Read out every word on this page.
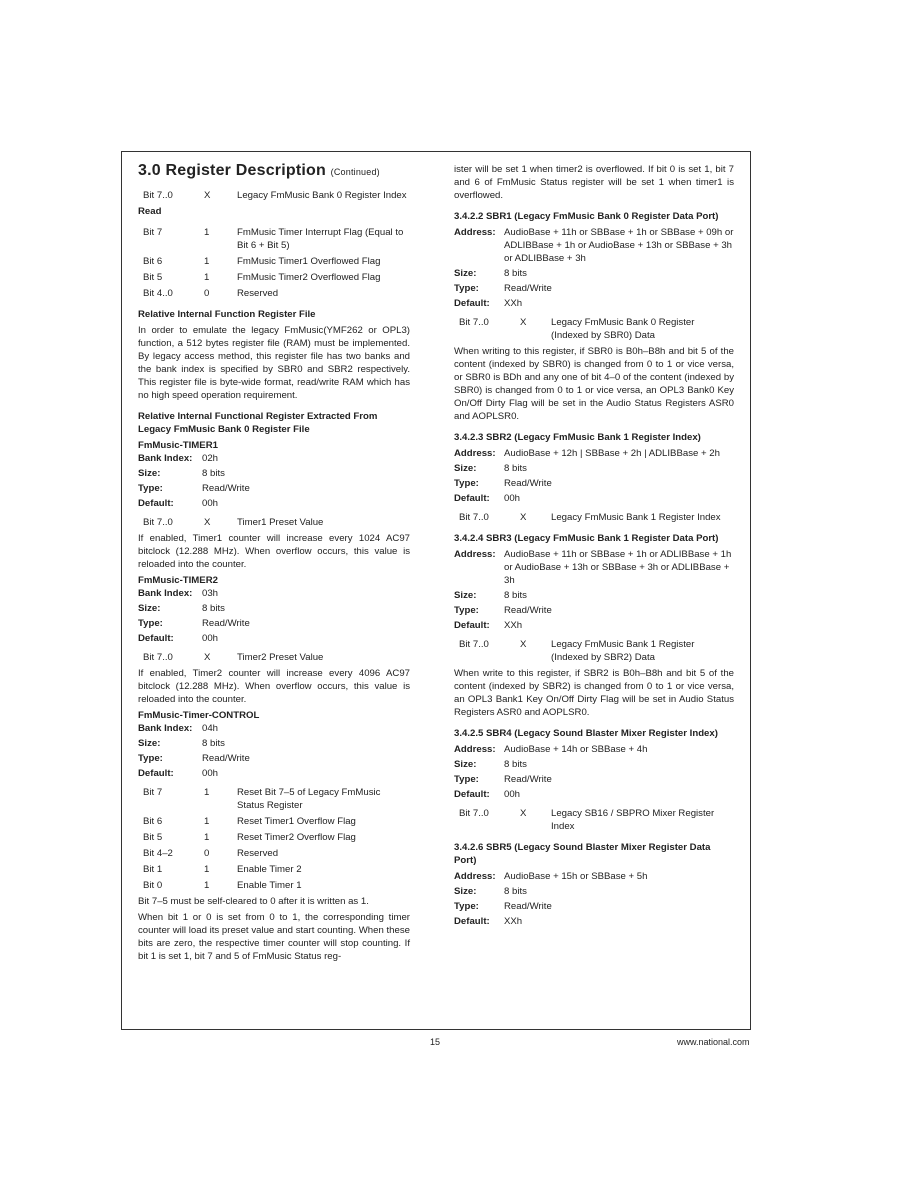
3.0 Register Description (Continued)
Bit 7..0	X	Legacy FmMusic Bank 0 Register Index
Read
Bit 7	1	FmMusic Timer Interrupt Flag (Equal to Bit 6 + Bit 5)
Bit 6	1	FmMusic Timer1 Overflowed Flag
Bit 5	1	FmMusic Timer2 Overflowed Flag
Bit 4..0	0	Reserved
Relative Internal Function Register File

In order to emulate the legacy FmMusic(YMF262 or OPL3) function, a 512 bytes register file (RAM) must be implemented. By legacy access method, this register file has two banks and the bank index is specified by SBR0 and SBR2 respectively. This register file is byte-wide format, read/write RAM which has no high speed operation requirement.

Relative Internal Functional Register Extracted From Legacy FmMusic Bank 0 Register File
FmMusic-TIMER1
Bank Index:	02h
Size:	8 bits
Type:	Read/Write
Default:	00h
Bit 7..0	X	Timer1 Preset Value

If enabled, Timer1 counter will increase every 1024 AC97 bitclock (12.288 MHz). When overflow occurs, this value is reloaded into the counter.

FmMusic-TIMER2
Bank Index:	03h
Size:	8 bits
Type:	Read/Write
Default:	00h
Bit 7..0	X	Timer2 Preset Value

If enabled, Timer2 counter will increase every 4096 AC97 bitclock (12.288 MHz). When overflow occurs, this value is reloaded into the counter.

FmMusic-Timer-CONTROL
Bank Index:	04h
Size:	8 bits
Type:	Read/Write
Default:	00h
Bit 7	1	Reset Bit 7–5 of Legacy FmMusic Status Register
Bit 6	1	Reset Timer1 Overflow Flag
Bit 5	1	Reset Timer2 Overflow Flag
Bit 4–2	0	Reserved
Bit 1	1	Enable Timer 2
Bit 0	1	Enable Timer 1

Bit 7–5 must be self-cleared to 0 after it is written as 1.

When bit 1 or 0 is set from 0 to 1, the corresponding timer counter will load its preset value and start counting. When these bits are zero, the respective timer counter will stop counting. If bit 1 is set 1, bit 7 and 5 of FmMusic Status reg-

ister will be set 1 when timer2 is overflowed. If bit 0 is set 1, bit 7 and 6 of FmMusic Status register will be set 1 when timer1 is overflowed.

3.4.2.2 SBR1 (Legacy FmMusic Bank 0 Register Data Port)
Address: AudioBase + 11h or SBBase + 1h or SBBase + 09h or ADLIBBase + 1h or AudioBase + 13h or SBBase + 3h or ADLIBBase + 3h
Size:	8 bits
Type:	Read/Write
Default:	XXh
Bit 7..0	X	Legacy FmMusic Bank 0 Register (Indexed by SBR0) Data

When writing to this register, if SBR0 is B0h–B8h and bit 5 of the content (indexed by SBR0) is changed from 0 to 1 or vice versa, or SBR0 is BDh and any one of bit 4–0 of the content (indexed by SBR0) is changed from 0 to 1 or vice versa, an OPL3 Bank0 Key On/Off Dirty Flag will be set in the Audio Status Registers ASR0 and AOPLSR0.

3.4.2.3 SBR2 (Legacy FmMusic Bank 1 Register Index)
Address: AudioBase + 12h | SBBase + 2h | ADLIBBase + 2h
Size:	8 bits
Type:	Read/Write
Default:	00h
Bit 7..0	X	Legacy FmMusic Bank 1 Register Index
3.4.2.4 SBR3 (Legacy FmMusic Bank 1 Register Data Port)
Address: AudioBase + 11h or SBBase + 1h or ADLIBBase + 1h or AudioBase + 13h or SBBase + 3h or ADLIBBase + 3h
Size:	8 bits
Type:	Read/Write
Default:	XXh
Bit 7..0	X	Legacy FmMusic Bank 1 Register (Indexed by SBR2) Data

When write to this register, if SBR2 is B0h–B8h and bit 5 of the content (indexed by SBR2) is changed from 0 to 1 or vice versa, an OPL3 Bank1 Key On/Off Dirty Flag will be set in Audio Status Registers ASR0 and AOPLSR0.

3.4.2.5 SBR4 (Legacy Sound Blaster Mixer Register Index)
Address: AudioBase + 14h or SBBase + 4h
Size:	8 bits
Type:	Read/Write
Default:	00h
Bit 7..0	X	Legacy SB16 / SBPRO Mixer Register Index
3.4.2.6 SBR5 (Legacy Sound Blaster Mixer Register Data Port)
Address: AudioBase + 15h or SBBase + 5h
Size:	8 bits
Type:	Read/Write
Default:	XXh
15	www.national.com
